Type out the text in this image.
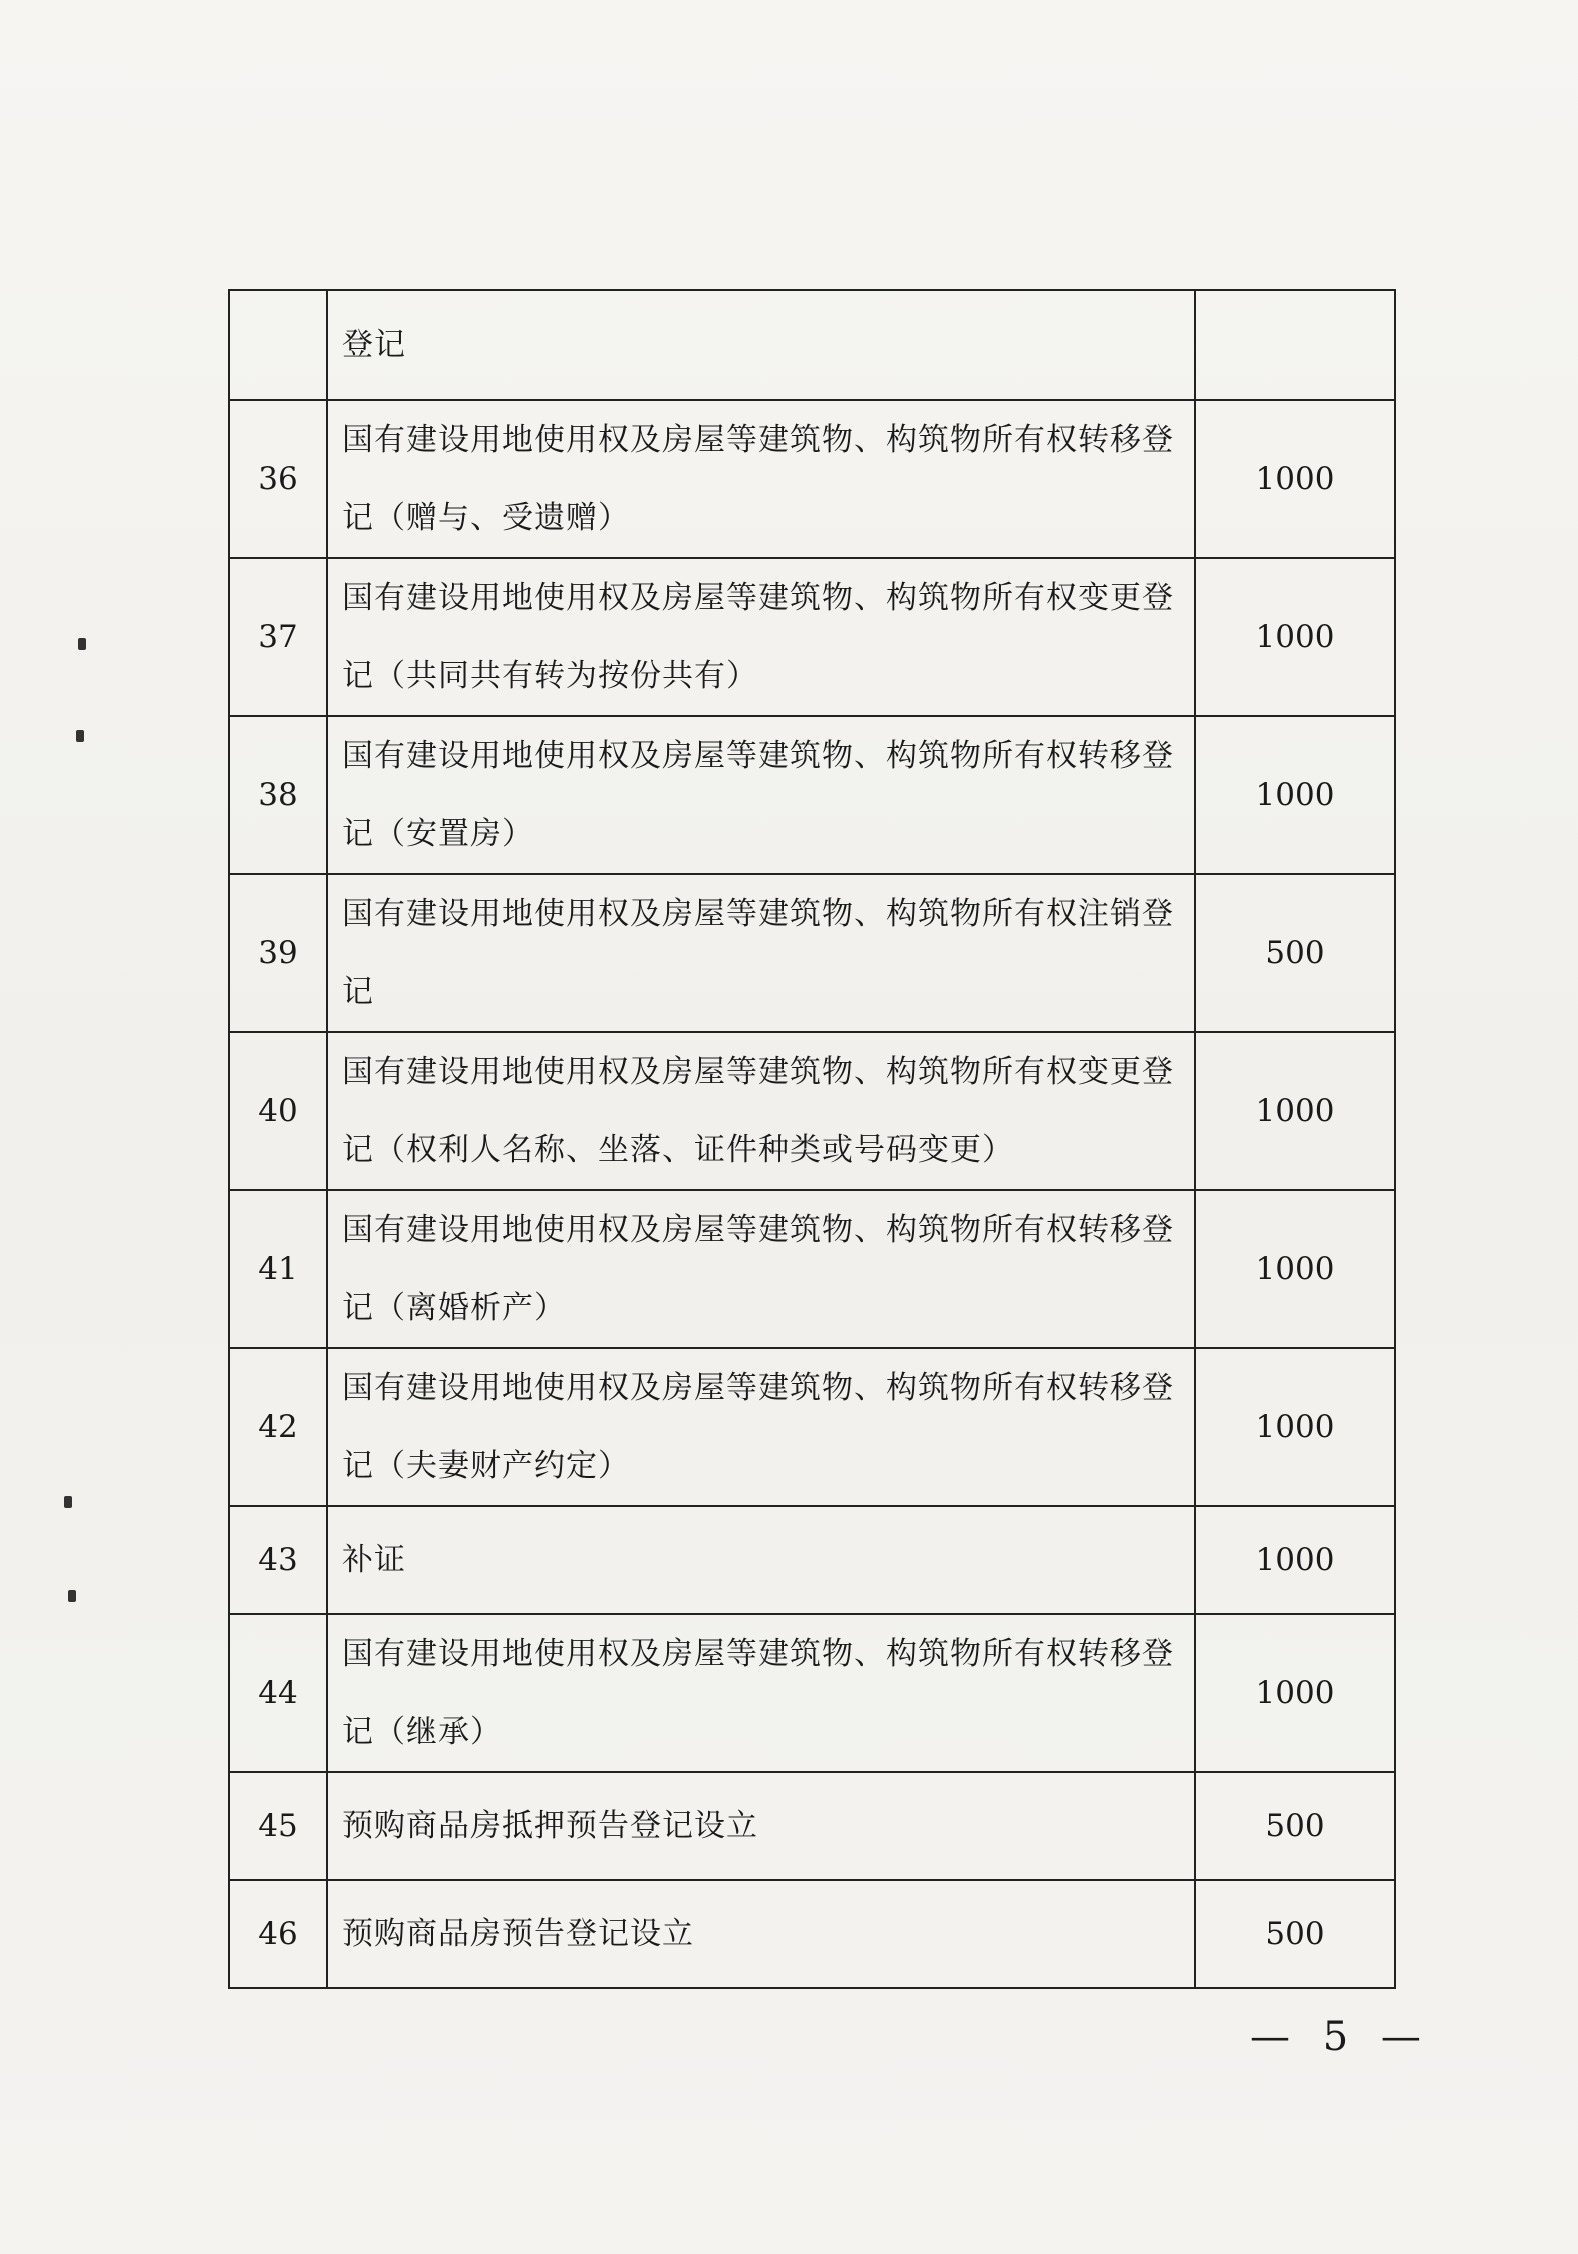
	登记	

36	国有建设用地使用权及房屋等建筑物、构筑物所有权转移登记（赠与、受遗赠）	1000
37	国有建设用地使用权及房屋等建筑物、构筑物所有权变更登记（共同共有转为按份共有）	1000
38	国有建设用地使用权及房屋等建筑物、构筑物所有权转移登记（安置房）	1000
39	国有建设用地使用权及房屋等建筑物、构筑物所有权注销登记	500
40	国有建设用地使用权及房屋等建筑物、构筑物所有权变更登记（权利人名称、坐落、证件种类或号码变更）	1000
41	国有建设用地使用权及房屋等建筑物、构筑物所有权转移登记（离婚析产）	1000
42	国有建设用地使用权及房屋等建筑物、构筑物所有权转移登记（夫妻财产约定）	1000
43	补证	1000
44	国有建设用地使用权及房屋等建筑物、构筑物所有权转移登记（继承）	1000
45	预购商品房抵押预告登记设立	500
46	预购商品房预告登记设立	500
— 5 —
